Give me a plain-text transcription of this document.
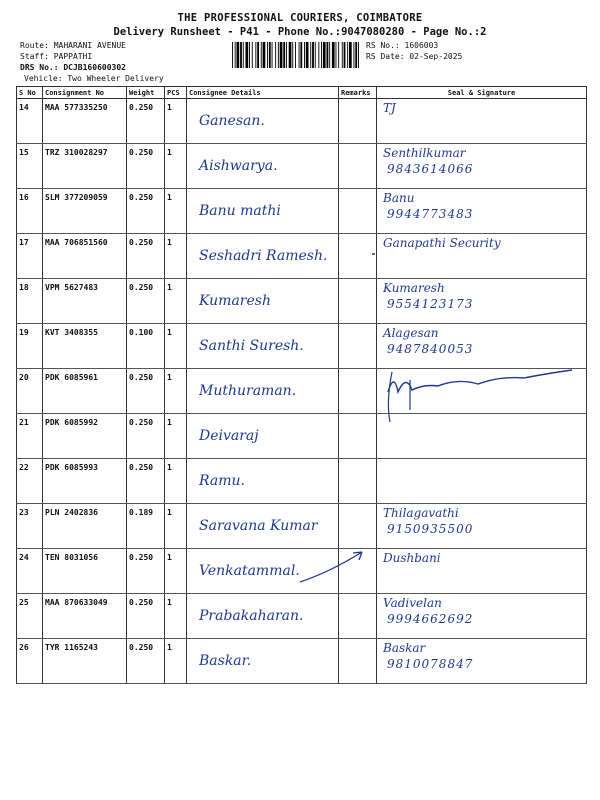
THE PROFESSIONAL COURIERS, COIMBATORE
Delivery Runsheet - P41 - Phone No.:9047080280 - Page No.:2
Route: MAHARANI AVENUE
Staff: PAPPATHI
DRS No.: DCJB160600302
Vehicle: Two Wheeler Delivery
RS No.: 1606003
RS Date: 02-Sep-2025
S No	Consignment No	Weight	PCS	Consignee Details	Remarks	Seal & Signature
14	MAA 577335250	0.250	1	Ganesan.		TJ

15	TRZ 310028297	0.250	1	Aishwarya.		Senthilkumar
9843614066

16	SLM 377209059	0.250	1	Banu mathi		Banu
9944773483

17	MAA 706851560	0.250	1	Seshadri Ramesh.		Ganapathi Security

18	VPM 5627483	0.250	1	Kumaresh		Kumaresh
9554123173

19	KVT 3408355	0.100	1	Santhi Suresh.		Alagesan
9487840053

20	PDK 6085961	0.250	1	Muthuraman.		

21	PDK 6085992	0.250	1	Deivaraj		

22	PDK 6085993	0.250	1	Ramu.		

23	PLN 2402836	0.189	1	Saravana Kumar		Thilagavathi
9150935500

24	TEN 8031056	0.250	1	Venkatammal.		Dushbani

25	MAA 870633049	0.250	1	Prabakaharan.		Vadivelan
9994662692

26	TYR 1165243	0.250	1	Baskar.		Baskar
9810078847
